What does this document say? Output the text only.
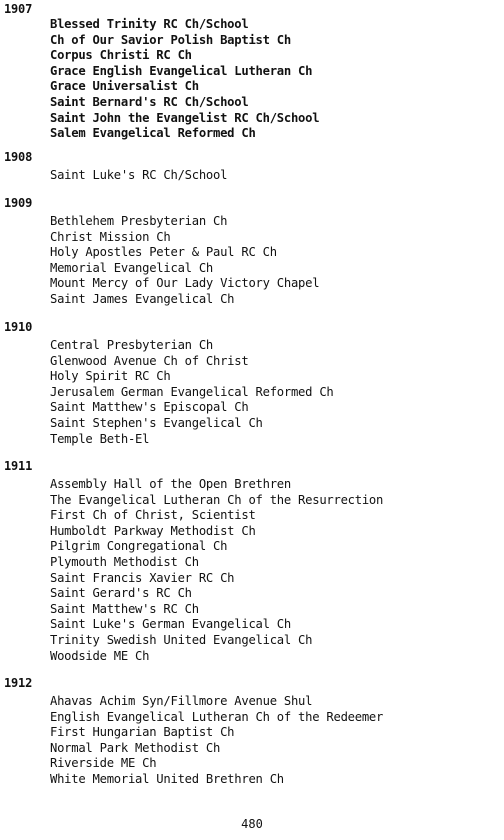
1907
Blessed Trinity RC Ch/School
Ch of Our Savior Polish Baptist Ch
Corpus Christi RC Ch
Grace English Evangelical Lutheran Ch
Grace Universalist Ch
Saint Bernard's RC Ch/School
Saint John the Evangelist RC Ch/School
Salem Evangelical Reformed Ch
1908
Saint Luke's RC Ch/School
1909
Bethlehem Presbyterian Ch
Christ Mission Ch
Holy Apostles Peter & Paul RC Ch
Memorial Evangelical Ch
Mount Mercy of Our Lady Victory Chapel
Saint James Evangelical Ch
1910
Central Presbyterian Ch
Glenwood Avenue Ch of Christ
Holy Spirit RC Ch
Jerusalem German Evangelical Reformed Ch
Saint Matthew's Episcopal Ch
Saint Stephen's Evangelical Ch
Temple Beth-El
1911
Assembly Hall of the Open Brethren
The Evangelical Lutheran Ch of the Resurrection
First Ch of Christ, Scientist
Humboldt Parkway Methodist Ch
Pilgrim Congregational Ch
Plymouth Methodist Ch
Saint Francis Xavier RC Ch
Saint Gerard's RC Ch
Saint Matthew's RC Ch
Saint Luke's German Evangelical Ch
Trinity Swedish United Evangelical Ch
Woodside ME Ch
1912
Ahavas Achim Syn/Fillmore Avenue Shul
English Evangelical Lutheran Ch of the Redeemer
First Hungarian Baptist Ch
Normal Park Methodist Ch
Riverside ME Ch
White Memorial United Brethren Ch
480
